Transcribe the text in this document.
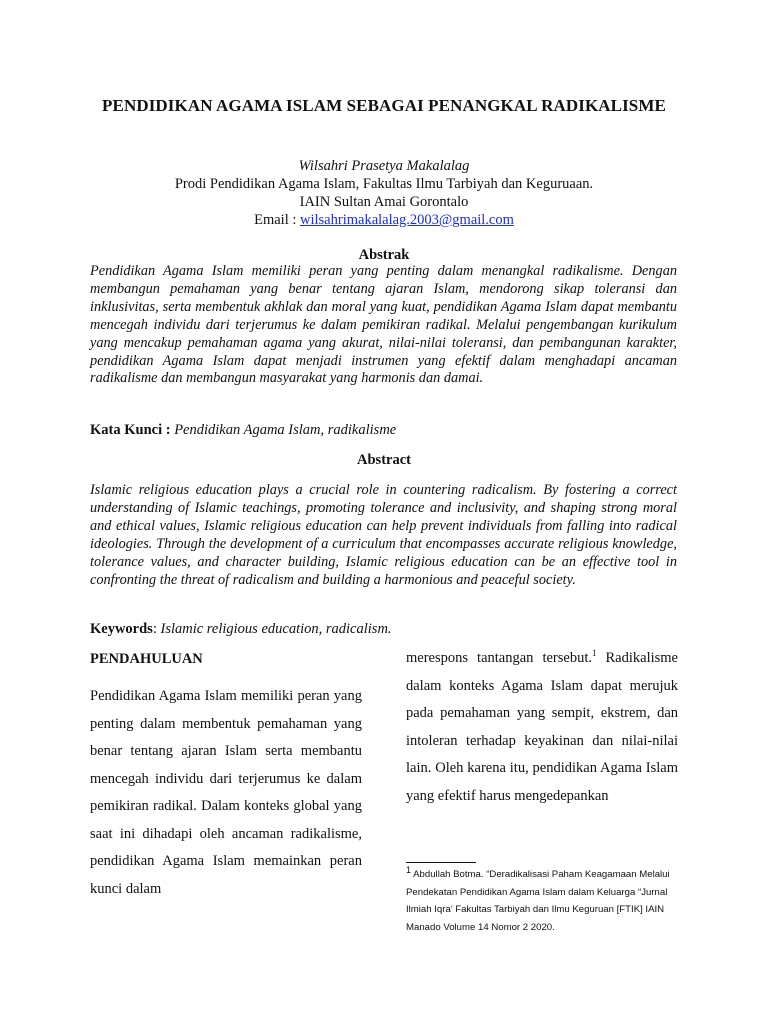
PENDIDIKAN AGAMA ISLAM SEBAGAI PENANGKAL RADIKALISME
Wilsahri Prasetya Makalalag
Prodi Pendidikan Agama Islam, Fakultas Ilmu Tarbiyah dan Keguruaan.
IAIN Sultan Amai Gorontalo
Email : wilsahrimakalalag.2003@gmail.com
Abstrak
Pendidikan Agama Islam memiliki peran yang penting dalam menangkal radikalisme. Dengan membangun pemahaman yang benar tentang ajaran Islam, mendorong sikap toleransi dan inklusivitas, serta membentuk akhlak dan moral yang kuat, pendidikan Agama Islam dapat membantu mencegah individu dari terjerumus ke dalam pemikiran radikal. Melalui pengembangan kurikulum yang mencakup pemahaman agama yang akurat, nilai-nilai toleransi, dan pembangunan karakter, pendidikan Agama Islam dapat menjadi instrumen yang efektif dalam menghadapi ancaman radikalisme dan membangun masyarakat yang harmonis dan damai.
Kata Kunci : Pendidikan Agama Islam, radikalisme
Abstract
Islamic religious education plays a crucial role in countering radicalism. By fostering a correct understanding of Islamic teachings, promoting tolerance and inclusivity, and shaping strong moral and ethical values, Islamic religious education can help prevent individuals from falling into radical ideologies. Through the development of a curriculum that encompasses accurate religious knowledge, tolerance values, and character building, Islamic religious education can be an effective tool in confronting the threat of radicalism and building a harmonious and peaceful society.
Keywords: Islamic religious education, radicalism.
PENDAHULUAN
Pendidikan Agama Islam memiliki peran yang penting dalam membentuk pemahaman yang benar tentang ajaran Islam serta membantu mencegah individu dari terjerumus ke dalam pemikiran radikal. Dalam konteks global yang saat ini dihadapi oleh ancaman radikalisme, pendidikan Agama Islam memainkan peran kunci dalam
merespons tantangan tersebut.$^1$ Radikalisme dalam konteks Agama Islam dapat merujuk pada pemahaman yang sempit, ekstrem, dan intoleran terhadap keyakinan dan nilai-nilai lain. Oleh karena itu, pendidikan Agama Islam yang efektif harus mengedepankan
$^1$ Abdullah Botma. “Deradikalisasi Paham Keagamaan Melalui Pendekatan Pendidikan Agama Islam dalam Keluarga “Jurnal Ilmiah Iqra’ Fakultas Tarbiyah dan Ilmu Keguruan [FTIK] IAIN Manado Volume 14 Nomor 2 2020.
